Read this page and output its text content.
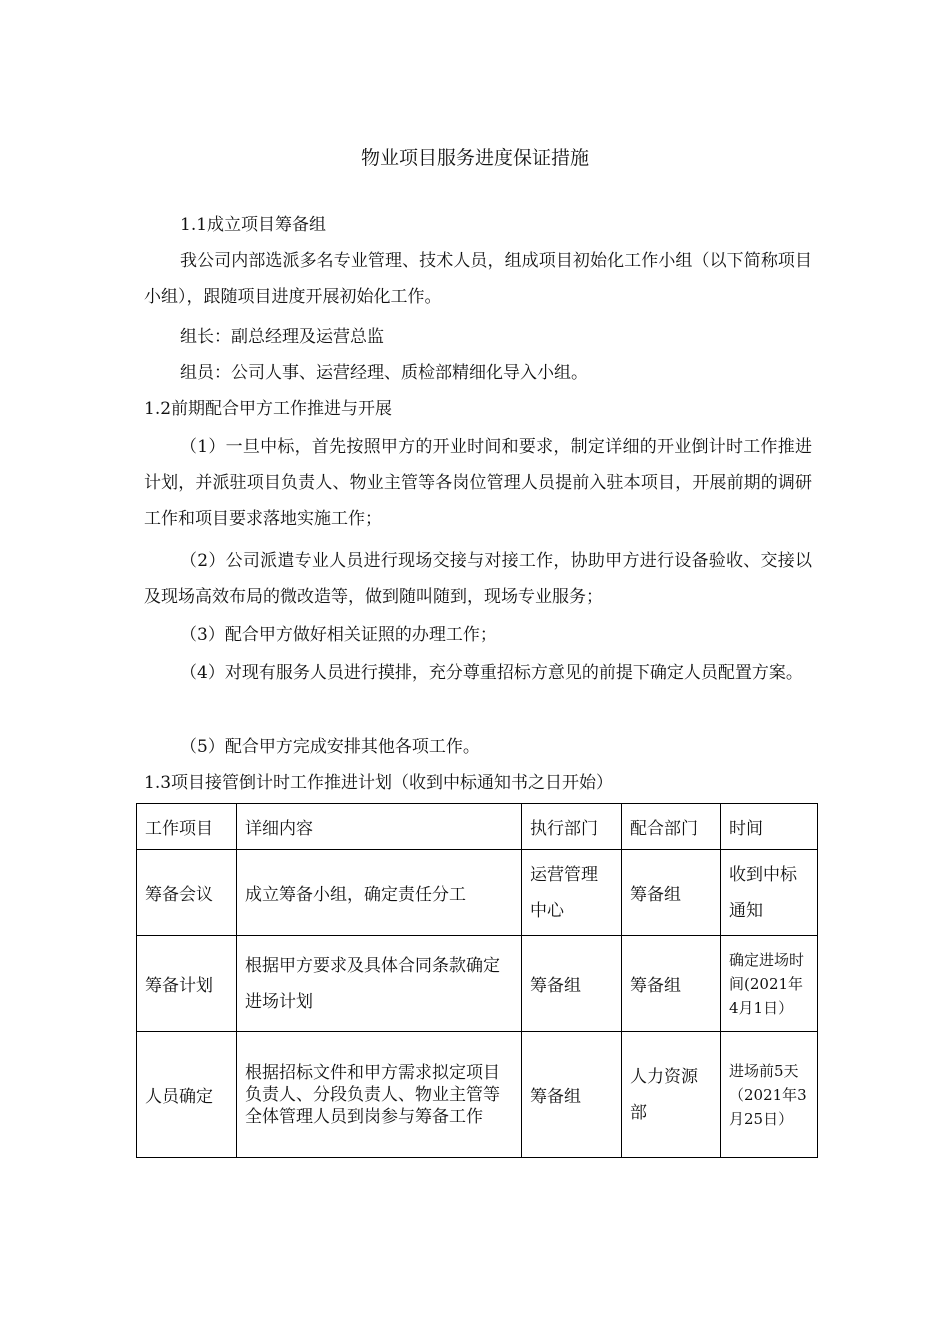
物业项目服务进度保证措施

1.1成立项目筹备组

我公司内部选派多名专业管理、技术人员，组成项目初始化工作小组（以下简称项目小组），跟随项目进度开展初始化工作。

组长：副总经理及运营总监

组员：公司人事、运营经理、质检部精细化导入小组。

1.2前期配合甲方工作推进与开展

（1）一旦中标，首先按照甲方的开业时间和要求，制定详细的开业倒计时工作推进计划，并派驻项目负责人、物业主管等各岗位管理人员提前入驻本项目，开展前期的调研工作和项目要求落地实施工作；

（2）公司派遣专业人员进行现场交接与对接工作，协助甲方进行设备验收、交接以及现场高效布局的微改造等，做到随叫随到，现场专业服务；

（3）配合甲方做好相关证照的办理工作；

（4）对现有服务人员进行摸排，充分尊重招标方意见的前提下确定人员配置方案。

（5）配合甲方完成安排其他各项工作。

1.3项目接管倒计时工作推进计划（收到中标通知书之日开始）

工作项目	详细内容	执行部门	配合部门	时间
筹备会议	成立筹备小组，确定责任分工	运营管理中心	筹备组	收到中标通知
筹备计划	根据甲方要求及具体合同条款确定进场计划	筹备组	筹备组	确定进场时间(2021年4月1日）
人员确定	根据招标文件和甲方需求拟定项目负责人、分段负责人、物业主管等全体管理人员到岗参与筹备工作	筹备组	人力资源部	进场前5天（2021年3月25日）
